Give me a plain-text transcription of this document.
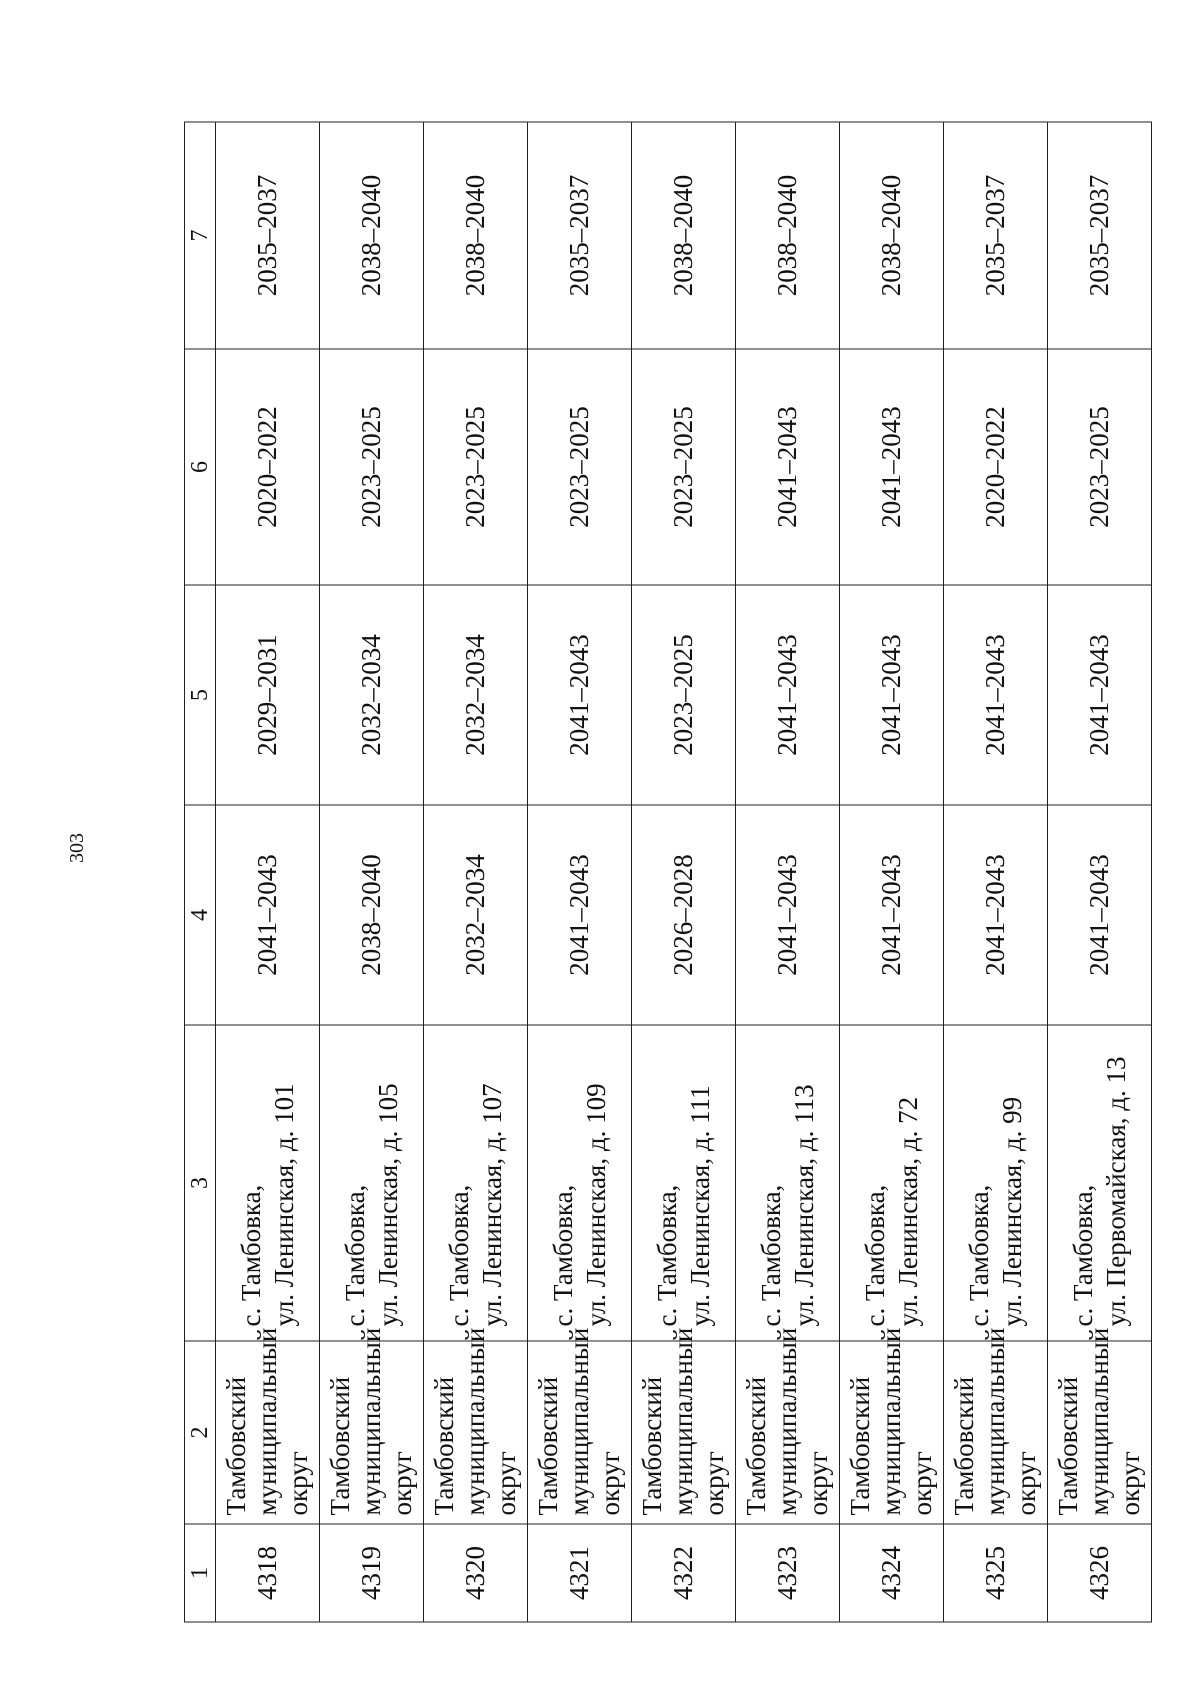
303
1	2	3	4	5	6	7
4318	Тамбовский муниципальный округ	с. Тамбовка, ул. Ленинская, д. 101	2041–2043	2029–2031	2020–2022	2035–2037
4319	Тамбовский муниципальный округ	с. Тамбовка, ул. Ленинская, д. 105	2038–2040	2032–2034	2023–2025	2038–2040
4320	Тамбовский муниципальный округ	с. Тамбовка, ул. Ленинская, д. 107	2032–2034	2032–2034	2023–2025	2038–2040
4321	Тамбовский муниципальный округ	с. Тамбовка, ул. Ленинская, д. 109	2041–2043	2041–2043	2023–2025	2035–2037
4322	Тамбовский муниципальный округ	с. Тамбовка, ул. Ленинская, д. 111	2026–2028	2023–2025	2023–2025	2038–2040
4323	Тамбовский муниципальный округ	с. Тамбовка, ул. Ленинская, д. 113	2041–2043	2041–2043	2041–2043	2038–2040
4324	Тамбовский муниципальный округ	с. Тамбовка, ул. Ленинская, д. 72	2041–2043	2041–2043	2041–2043	2038–2040
4325	Тамбовский муниципальный округ	с. Тамбовка, ул. Ленинская, д. 99	2041–2043	2041–2043	2020–2022	2035–2037
4326	Тамбовский муниципальный округ	с. Тамбовка, ул. Первомайская, д. 13	2041–2043	2041–2043	2023–2025	2035–2037
